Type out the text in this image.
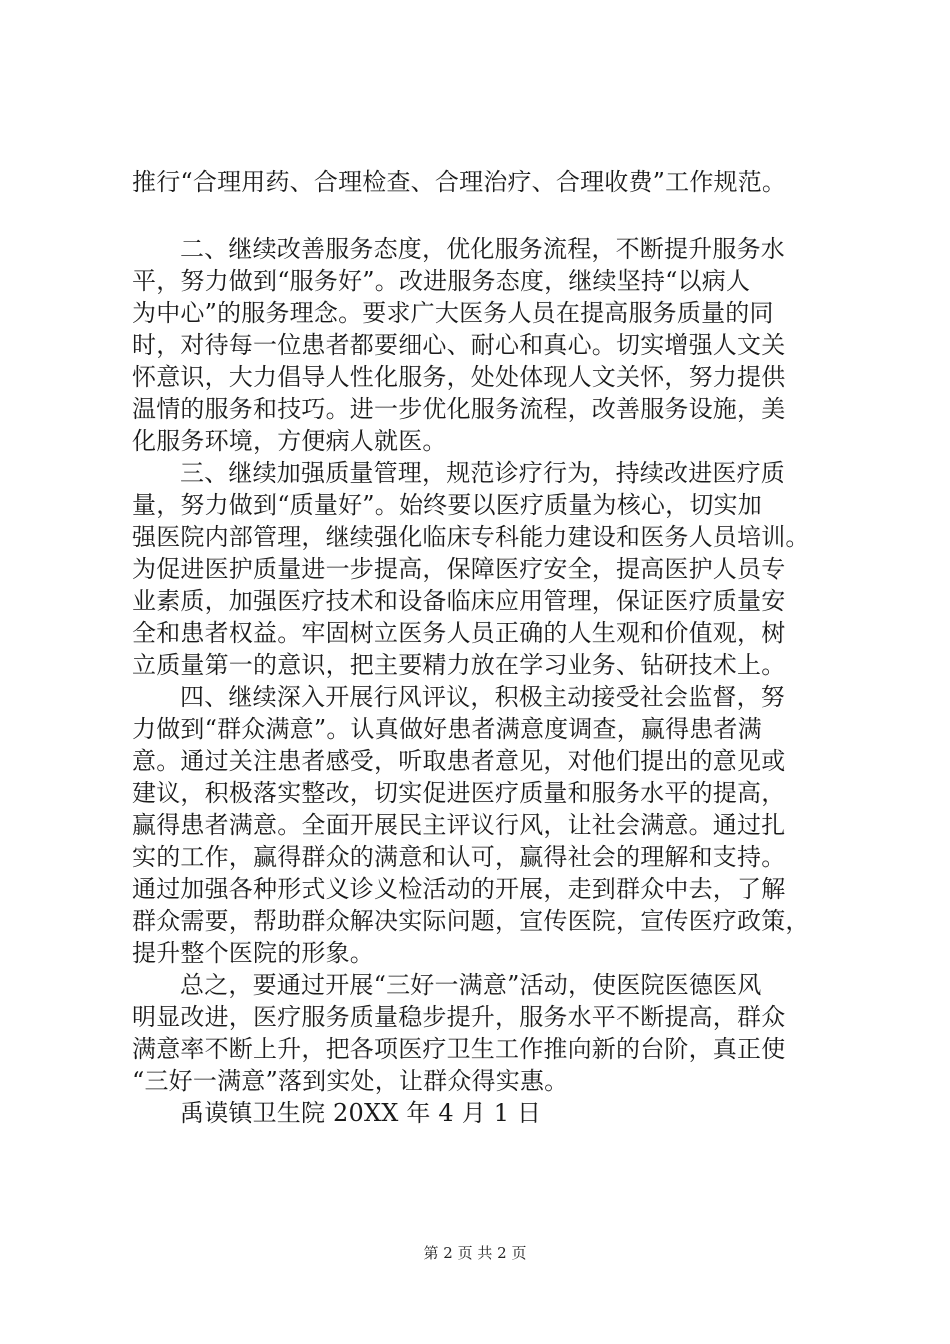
推行“合理用药、合理检查、合理治疗、合理收费”工作规范。
二、继续改善服务态度，优化服务流程，不断提升服务水
平，努力做到“服务好”。改进服务态度，继续坚持“以病人
为中心”的服务理念。要求广大医务人员在提高服务质量的同
时，对待每一位患者都要细心、耐心和真心。切实增强人文关
怀意识，大力倡导人性化服务，处处体现人文关怀，努力提供
温情的服务和技巧。进一步优化服务流程，改善服务设施，美
化服务环境，方便病人就医。
三、继续加强质量管理，规范诊疗行为，持续改进医疗质
量，努力做到“质量好”。始终要以医疗质量为核心，切实加
强医院内部管理，继续强化临床专科能力建设和医务人员培训。
为促进医护质量进一步提高，保障医疗安全，提高医护人员专
业素质，加强医疗技术和设备临床应用管理，保证医疗质量安
全和患者权益。牢固树立医务人员正确的人生观和价值观，树
立质量第一的意识，把主要精力放在学习业务、钻研技术上。
四、继续深入开展行风评议，积极主动接受社会监督，努
力做到“群众满意”。认真做好患者满意度调查，赢得患者满
意。通过关注患者感受，听取患者意见，对他们提出的意见或
建议，积极落实整改，切实促进医疗质量和服务水平的提高，
赢得患者满意。全面开展民主评议行风，让社会满意。通过扎
实的工作，赢得群众的满意和认可，赢得社会的理解和支持。
通过加强各种形式义诊义检活动的开展，走到群众中去，了解
群众需要，帮助群众解决实际问题，宣传医院，宣传医疗政策，
提升整个医院的形象。
总之，要通过开展“三好一满意”活动，使医院医德医风
明显改进，医疗服务质量稳步提升，服务水平不断提高，群众
满意率不断上升，把各项医疗卫生工作推向新的台阶，真正使
“三好一满意”落到实处，让群众得实惠。
禹谟镇卫生院 20XX 年 4 月 1 日
第 2 页 共 2 页
